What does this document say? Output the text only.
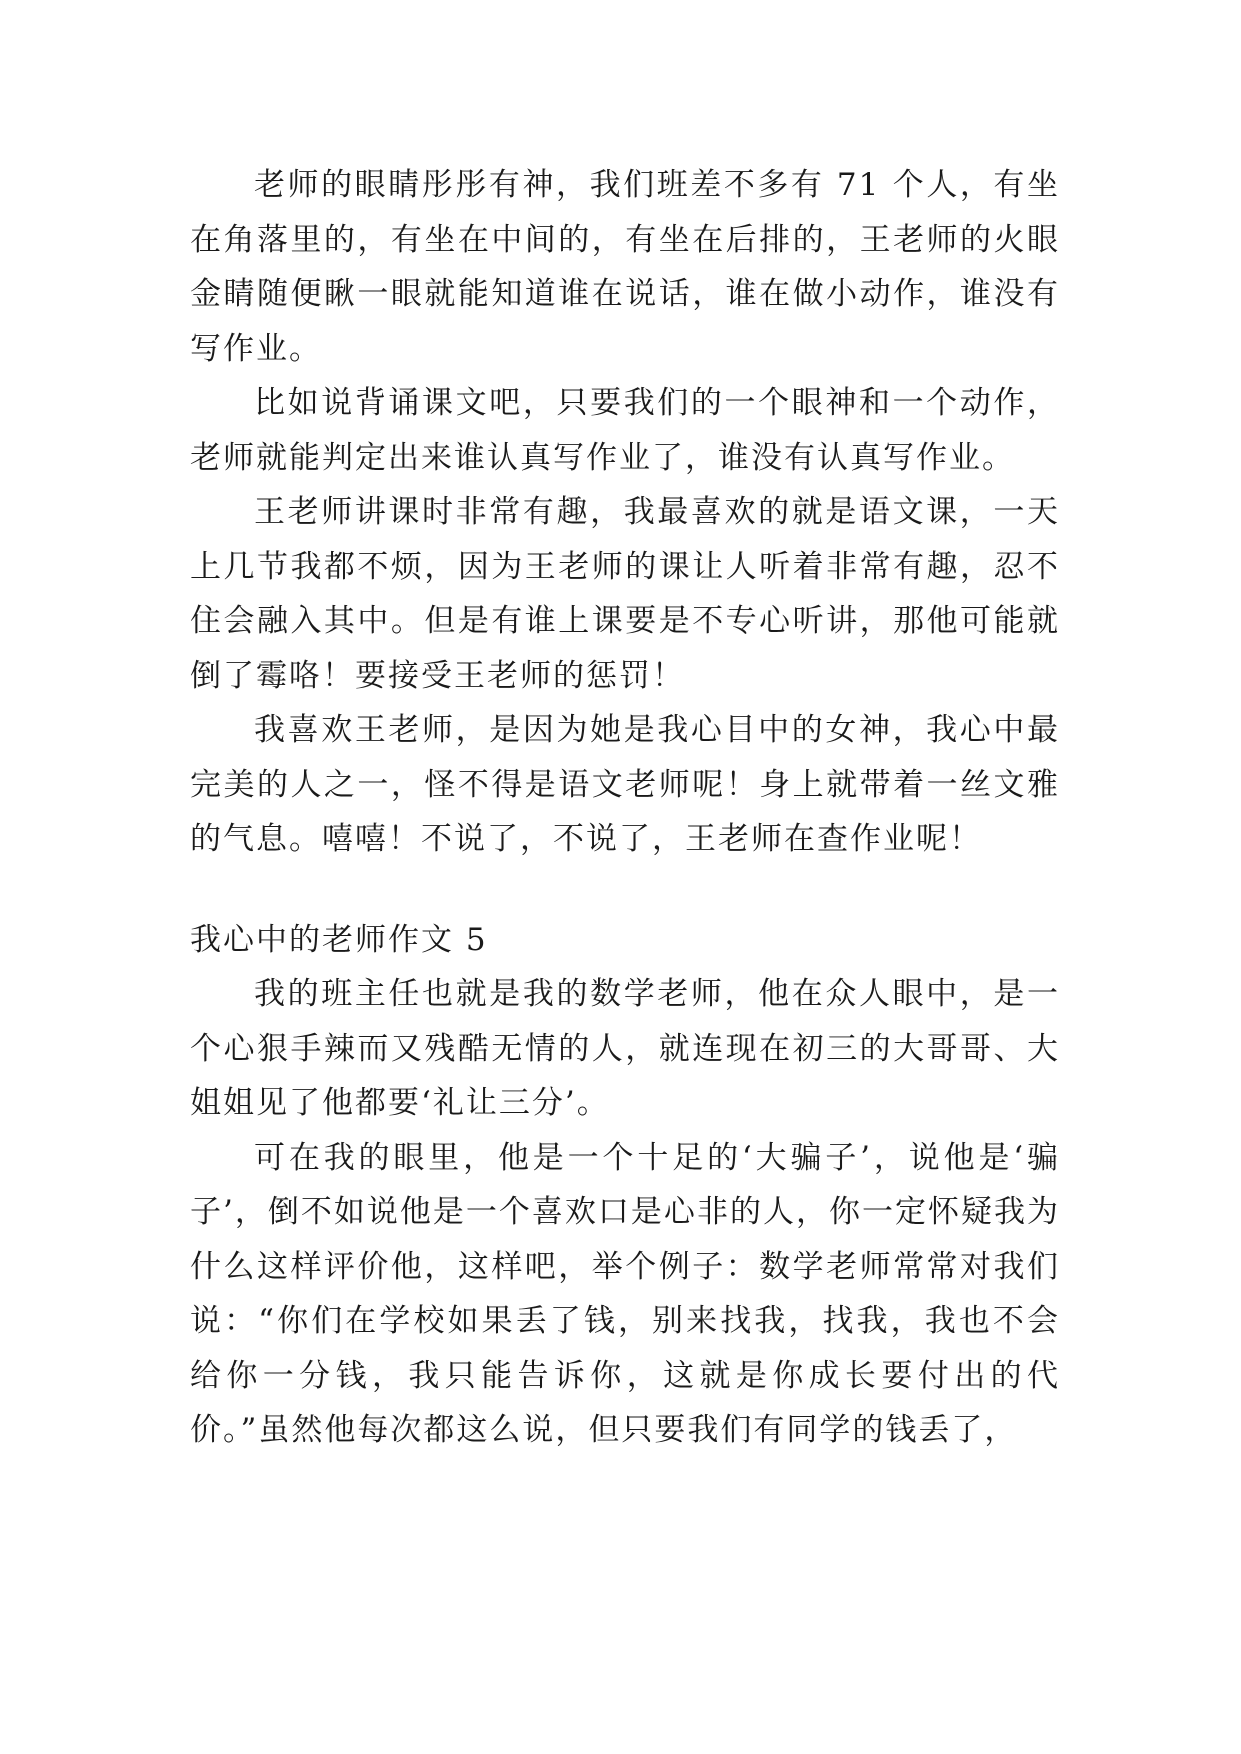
老师的眼睛彤彤有神，我们班差不多有 71 个人，有坐在角落里的，有坐在中间的，有坐在后排的，王老师的火眼金睛随便瞅一眼就能知道谁在说话，谁在做小动作，谁没有写作业。

比如说背诵课文吧，只要我们的一个眼神和一个动作，老师就能判定出来谁认真写作业了，谁没有认真写作业。

王老师讲课时非常有趣，我最喜欢的就是语文课，一天上几节我都不烦，因为王老师的课让人听着非常有趣，忍不住会融入其中。但是有谁上课要是不专心听讲，那他可能就倒了霉咯！要接受王老师的惩罚！

我喜欢王老师，是因为她是我心目中的女神，我心中最完美的人之一，怪不得是语文老师呢！身上就带着一丝文雅的气息。嘻嘻！不说了，不说了，王老师在查作业呢！

我心中的老师作文 5

我的班主任也就是我的数学老师，他在众人眼中，是一个心狠手辣而又残酷无情的人，就连现在初三的大哥哥、大姐姐见了他都要‘礼让三分’。

可在我的眼里，他是一个十足的‘大骗子’，说他是‘骗子’，倒不如说他是一个喜欢口是心非的人，你一定怀疑我为什么这样评价他，这样吧，举个例子：数学老师常常对我们说：“你们在学校如果丢了钱，别来找我，找我，我也不会给你一分钱，我只能告诉你，这就是你成长要付出的代价。”虽然他每次都这么说，但只要我们有同学的钱丢了，
